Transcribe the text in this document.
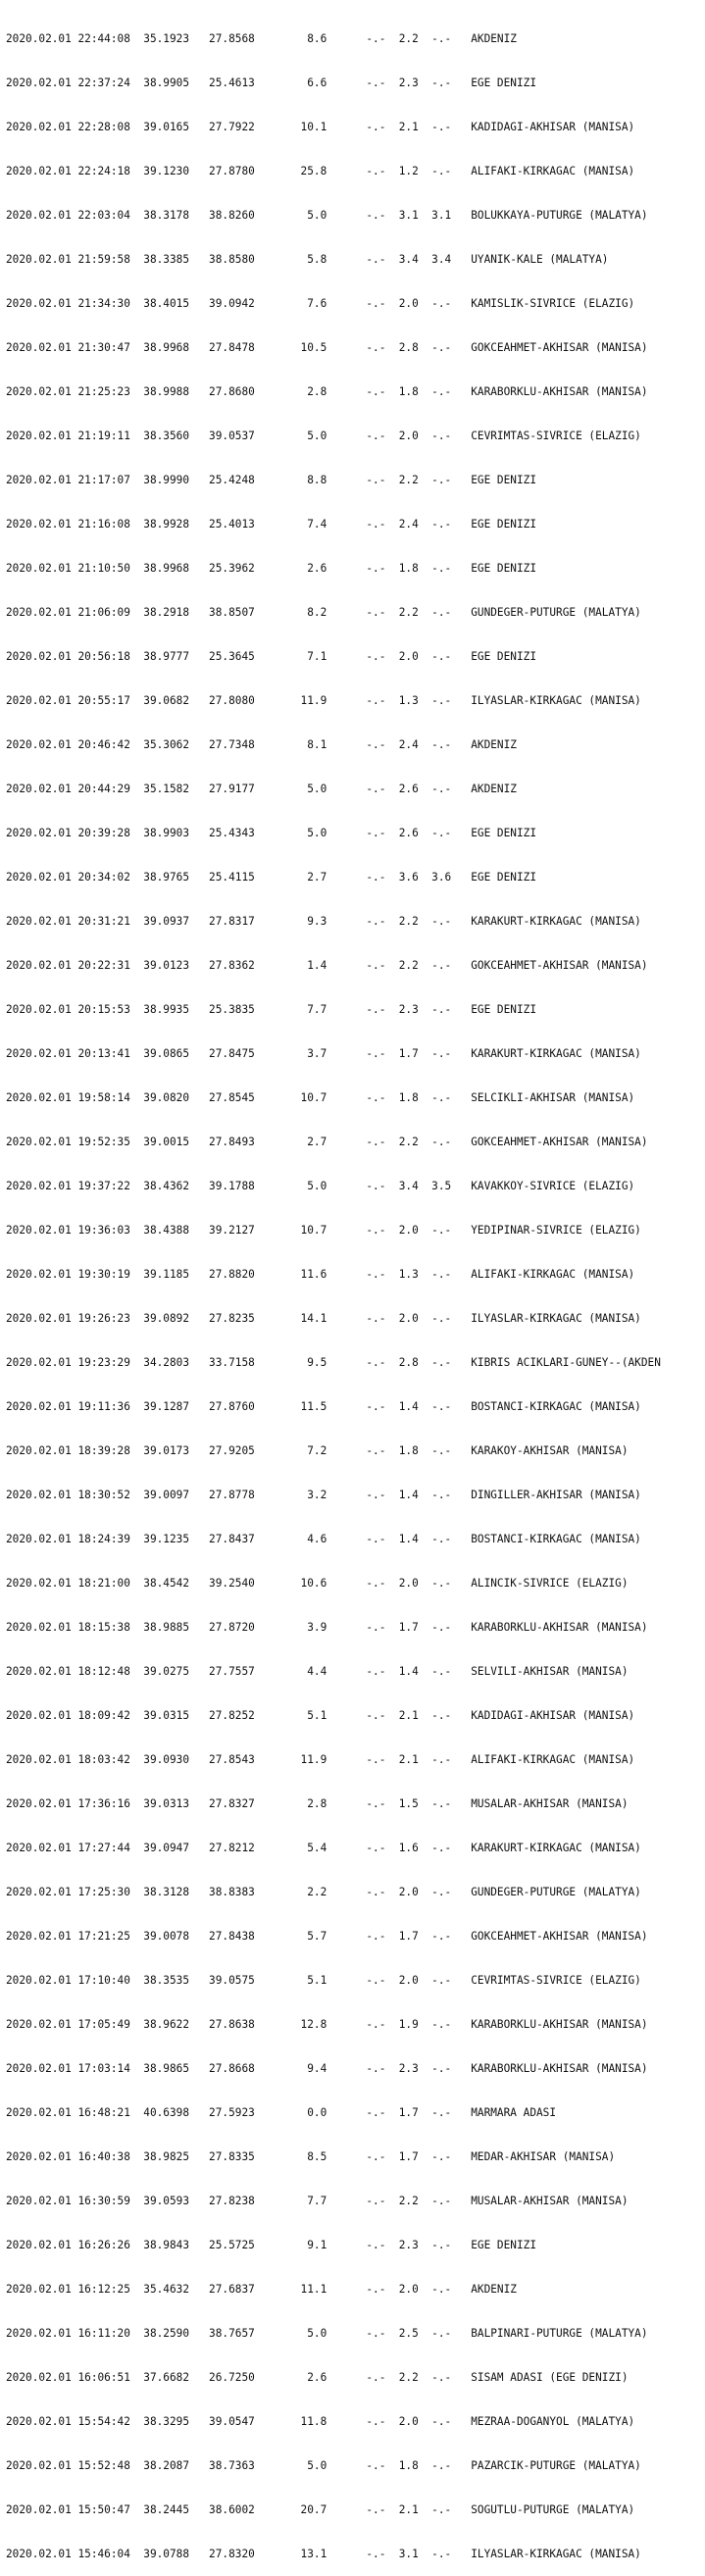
2020.02.01 22:44:08  35.1923   27.8568        8.6      -.-  2.2  -.-   AKDENIZ

2020.02.01 22:37:24  38.9905   25.4613        6.6      -.-  2.3  -.-   EGE DENIZI

2020.02.01 22:28:08  39.0165   27.7922       10.1      -.-  2.1  -.-   KADIDAGI-AKHISAR (MANISA)

2020.02.01 22:24:18  39.1230   27.8780       25.8      -.-  1.2  -.-   ALIFAKI-KIRKAGAC (MANISA)

2020.02.01 22:03:04  38.3178   38.8260        5.0      -.-  3.1  3.1   BOLUKKAYA-PUTURGE (MALATYA)

2020.02.01 21:59:58  38.3385   38.8580        5.8      -.-  3.4  3.4   UYANIK-KALE (MALATYA)

2020.02.01 21:34:30  38.4015   39.0942        7.6      -.-  2.0  -.-   KAMISLIK-SIVRICE (ELAZIG)

2020.02.01 21:30:47  38.9968   27.8478       10.5      -.-  2.8  -.-   GOKCEAHMET-AKHISAR (MANISA)

2020.02.01 21:25:23  38.9988   27.8680        2.8      -.-  1.8  -.-   KARABORKLU-AKHISAR (MANISA)

2020.02.01 21:19:11  38.3560   39.0537        5.0      -.-  2.0  -.-   CEVRIMTAS-SIVRICE (ELAZIG)

2020.02.01 21:17:07  38.9990   25.4248        8.8      -.-  2.2  -.-   EGE DENIZI

2020.02.01 21:16:08  38.9928   25.4013        7.4      -.-  2.4  -.-   EGE DENIZI

2020.02.01 21:10:50  38.9968   25.3962        2.6      -.-  1.8  -.-   EGE DENIZI

2020.02.01 21:06:09  38.2918   38.8507        8.2      -.-  2.2  -.-   GUNDEGER-PUTURGE (MALATYA)

2020.02.01 20:56:18  38.9777   25.3645        7.1      -.-  2.0  -.-   EGE DENIZI

2020.02.01 20:55:17  39.0682   27.8080       11.9      -.-  1.3  -.-   ILYASLAR-KIRKAGAC (MANISA)

2020.02.01 20:46:42  35.3062   27.7348        8.1      -.-  2.4  -.-   AKDENIZ

2020.02.01 20:44:29  35.1582   27.9177        5.0      -.-  2.6  -.-   AKDENIZ

2020.02.01 20:39:28  38.9903   25.4343        5.0      -.-  2.6  -.-   EGE DENIZI

2020.02.01 20:34:02  38.9765   25.4115        2.7      -.-  3.6  3.6   EGE DENIZI

2020.02.01 20:31:21  39.0937   27.8317        9.3      -.-  2.2  -.-   KARAKURT-KIRKAGAC (MANISA)

2020.02.01 20:22:31  39.0123   27.8362        1.4      -.-  2.2  -.-   GOKCEAHMET-AKHISAR (MANISA)

2020.02.01 20:15:53  38.9935   25.3835        7.7      -.-  2.3  -.-   EGE DENIZI

2020.02.01 20:13:41  39.0865   27.8475        3.7      -.-  1.7  -.-   KARAKURT-KIRKAGAC (MANISA)

2020.02.01 19:58:14  39.0820   27.8545       10.7      -.-  1.8  -.-   SELCIKLI-AKHISAR (MANISA)

2020.02.01 19:52:35  39.0015   27.8493        2.7      -.-  2.2  -.-   GOKCEAHMET-AKHISAR (MANISA)

2020.02.01 19:37:22  38.4362   39.1788        5.0      -.-  3.4  3.5   KAVAKKOY-SIVRICE (ELAZIG)

2020.02.01 19:36:03  38.4388   39.2127       10.7      -.-  2.0  -.-   YEDIPINAR-SIVRICE (ELAZIG)

2020.02.01 19:30:19  39.1185   27.8820       11.6      -.-  1.3  -.-   ALIFAKI-KIRKAGAC (MANISA)

2020.02.01 19:26:23  39.0892   27.8235       14.1      -.-  2.0  -.-   ILYASLAR-KIRKAGAC (MANISA)

2020.02.01 19:23:29  34.2803   33.7158        9.5      -.-  2.8  -.-   KIBRIS ACIKLARI-GUNEY--(AKDEN

2020.02.01 19:11:36  39.1287   27.8760       11.5      -.-  1.4  -.-   BOSTANCI-KIRKAGAC (MANISA)

2020.02.01 18:39:28  39.0173   27.9205        7.2      -.-  1.8  -.-   KARAKOY-AKHISAR (MANISA)

2020.02.01 18:30:52  39.0097   27.8778        3.2      -.-  1.4  -.-   DINGILLER-AKHISAR (MANISA)

2020.02.01 18:24:39  39.1235   27.8437        4.6      -.-  1.4  -.-   BOSTANCI-KIRKAGAC (MANISA)

2020.02.01 18:21:00  38.4542   39.2540       10.6      -.-  2.0  -.-   ALINCIK-SIVRICE (ELAZIG)

2020.02.01 18:15:38  38.9885   27.8720        3.9      -.-  1.7  -.-   KARABORKLU-AKHISAR (MANISA)

2020.02.01 18:12:48  39.0275   27.7557        4.4      -.-  1.4  -.-   SELVILI-AKHISAR (MANISA)

2020.02.01 18:09:42  39.0315   27.8252        5.1      -.-  2.1  -.-   KADIDAGI-AKHISAR (MANISA)

2020.02.01 18:03:42  39.0930   27.8543       11.9      -.-  2.1  -.-   ALIFAKI-KIRKAGAC (MANISA)

2020.02.01 17:36:16  39.0313   27.8327        2.8      -.-  1.5  -.-   MUSALAR-AKHISAR (MANISA)

2020.02.01 17:27:44  39.0947   27.8212        5.4      -.-  1.6  -.-   KARAKURT-KIRKAGAC (MANISA)

2020.02.01 17:25:30  38.3128   38.8383        2.2      -.-  2.0  -.-   GUNDEGER-PUTURGE (MALATYA)

2020.02.01 17:21:25  39.0078   27.8438        5.7      -.-  1.7  -.-   GOKCEAHMET-AKHISAR (MANISA)

2020.02.01 17:10:40  38.3535   39.0575        5.1      -.-  2.0  -.-   CEVRIMTAS-SIVRICE (ELAZIG)

2020.02.01 17:05:49  38.9622   27.8638       12.8      -.-  1.9  -.-   KARABORKLU-AKHISAR (MANISA)

2020.02.01 17:03:14  38.9865   27.8668        9.4      -.-  2.3  -.-   KARABORKLU-AKHISAR (MANISA)

2020.02.01 16:48:21  40.6398   27.5923        0.0      -.-  1.7  -.-   MARMARA ADASI

2020.02.01 16:40:38  38.9825   27.8335        8.5      -.-  1.7  -.-   MEDAR-AKHISAR (MANISA)

2020.02.01 16:30:59  39.0593   27.8238        7.7      -.-  2.2  -.-   MUSALAR-AKHISAR (MANISA)

2020.02.01 16:26:26  38.9843   25.5725        9.1      -.-  2.3  -.-   EGE DENIZI

2020.02.01 16:12:25  35.4632   27.6837       11.1      -.-  2.0  -.-   AKDENIZ

2020.02.01 16:11:20  38.2590   38.7657        5.0      -.-  2.5  -.-   BALPINARI-PUTURGE (MALATYA)

2020.02.01 16:06:51  37.6682   26.7250        2.6      -.-  2.2  -.-   SISAM ADASI (EGE DENIZI)

2020.02.01 15:54:42  38.3295   39.0547       11.8      -.-  2.0  -.-   MEZRAA-DOGANYOL (MALATYA)

2020.02.01 15:52:48  38.2087   38.7363        5.0      -.-  1.8  -.-   PAZARCIK-PUTURGE (MALATYA)

2020.02.01 15:50:47  38.2445   38.6002       20.7      -.-  2.1  -.-   SOGUTLU-PUTURGE (MALATYA)

2020.02.01 15:46:04  39.0788   27.8320       13.1      -.-  3.1  -.-   ILYASLAR-KIRKAGAC (MANISA)
